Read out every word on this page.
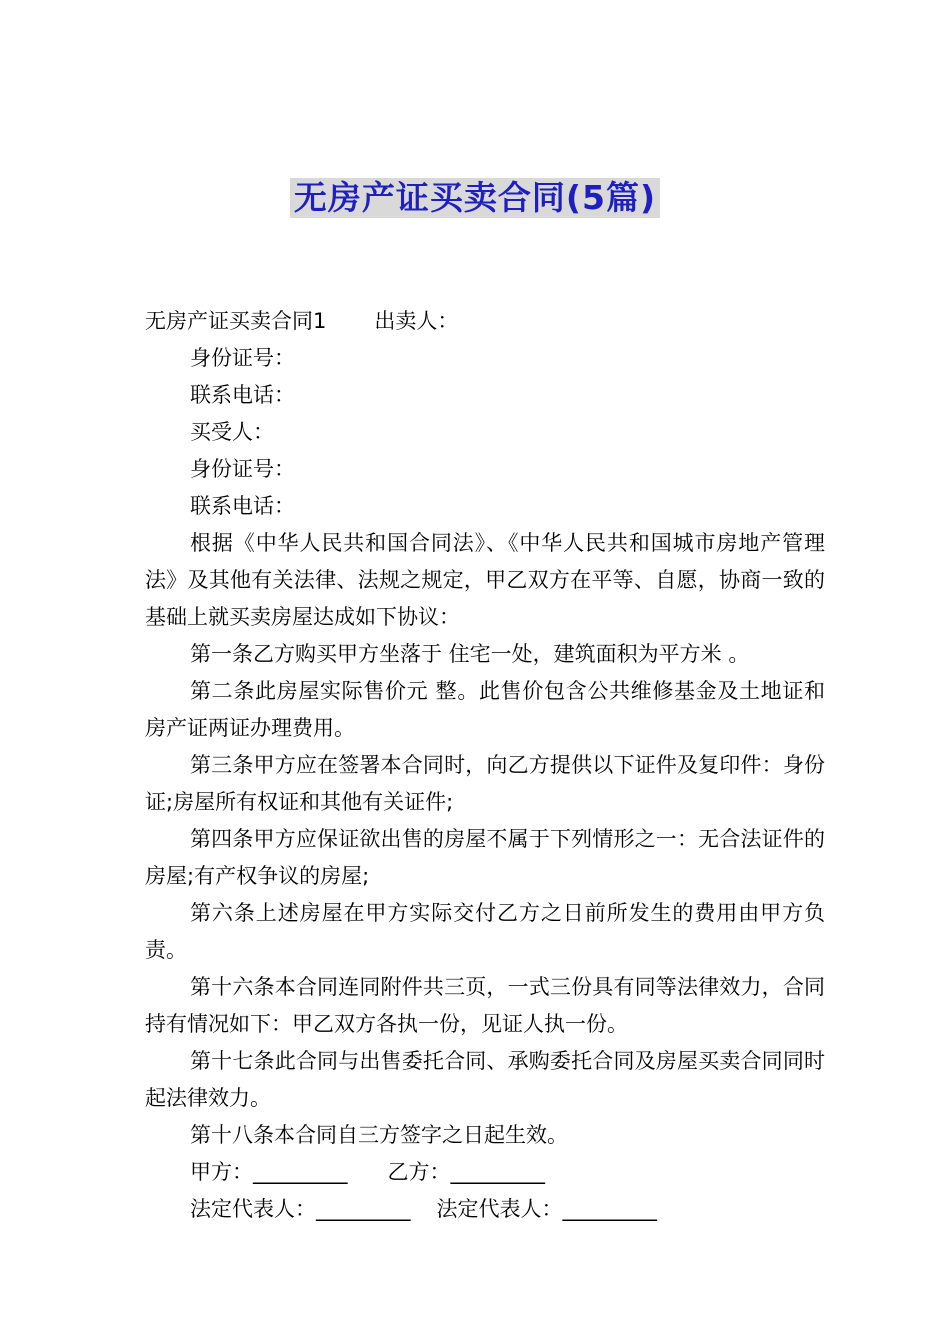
无房产证买卖合同(5篇)

无房产证买卖合同1 出卖人：

身份证号：

联系电话：

买受人：

身份证号：

联系电话：

根据《中华人民共和国合同法》、《中华人民共和国城市房地产管理法》及其他有关法律、法规之规定，甲乙双方在平等、自愿，协商一致的基础上就买卖房屋达成如下协议：

第一条乙方购买甲方坐落于 住宅一处，建筑面积为平方米 。

第二条此房屋实际售价元 整。此售价包含公共维修基金及土地证和房产证两证办理费用。

第三条甲方应在签署本合同时，向乙方提供以下证件及复印件：身份证;房屋所有权证和其他有关证件;

第四条甲方应保证欲出售的房屋不属于下列情形之一：无合法证件的房屋;有产权争议的房屋;

第六条上述房屋在甲方实际交付乙方之日前所发生的费用由甲方负责。

第十六条本合同连同附件共三页，一式三份具有同等法律效力，合同持有情况如下：甲乙双方各执一份，见证人执一份。

第十七条此合同与出售委托合同、承购委托合同及房屋买卖合同同时起法律效力。

第十八条本合同自三方签字之日起生效。

甲方：_________ 乙方：_________

法定代表人：_________ 法定代表人：_________
